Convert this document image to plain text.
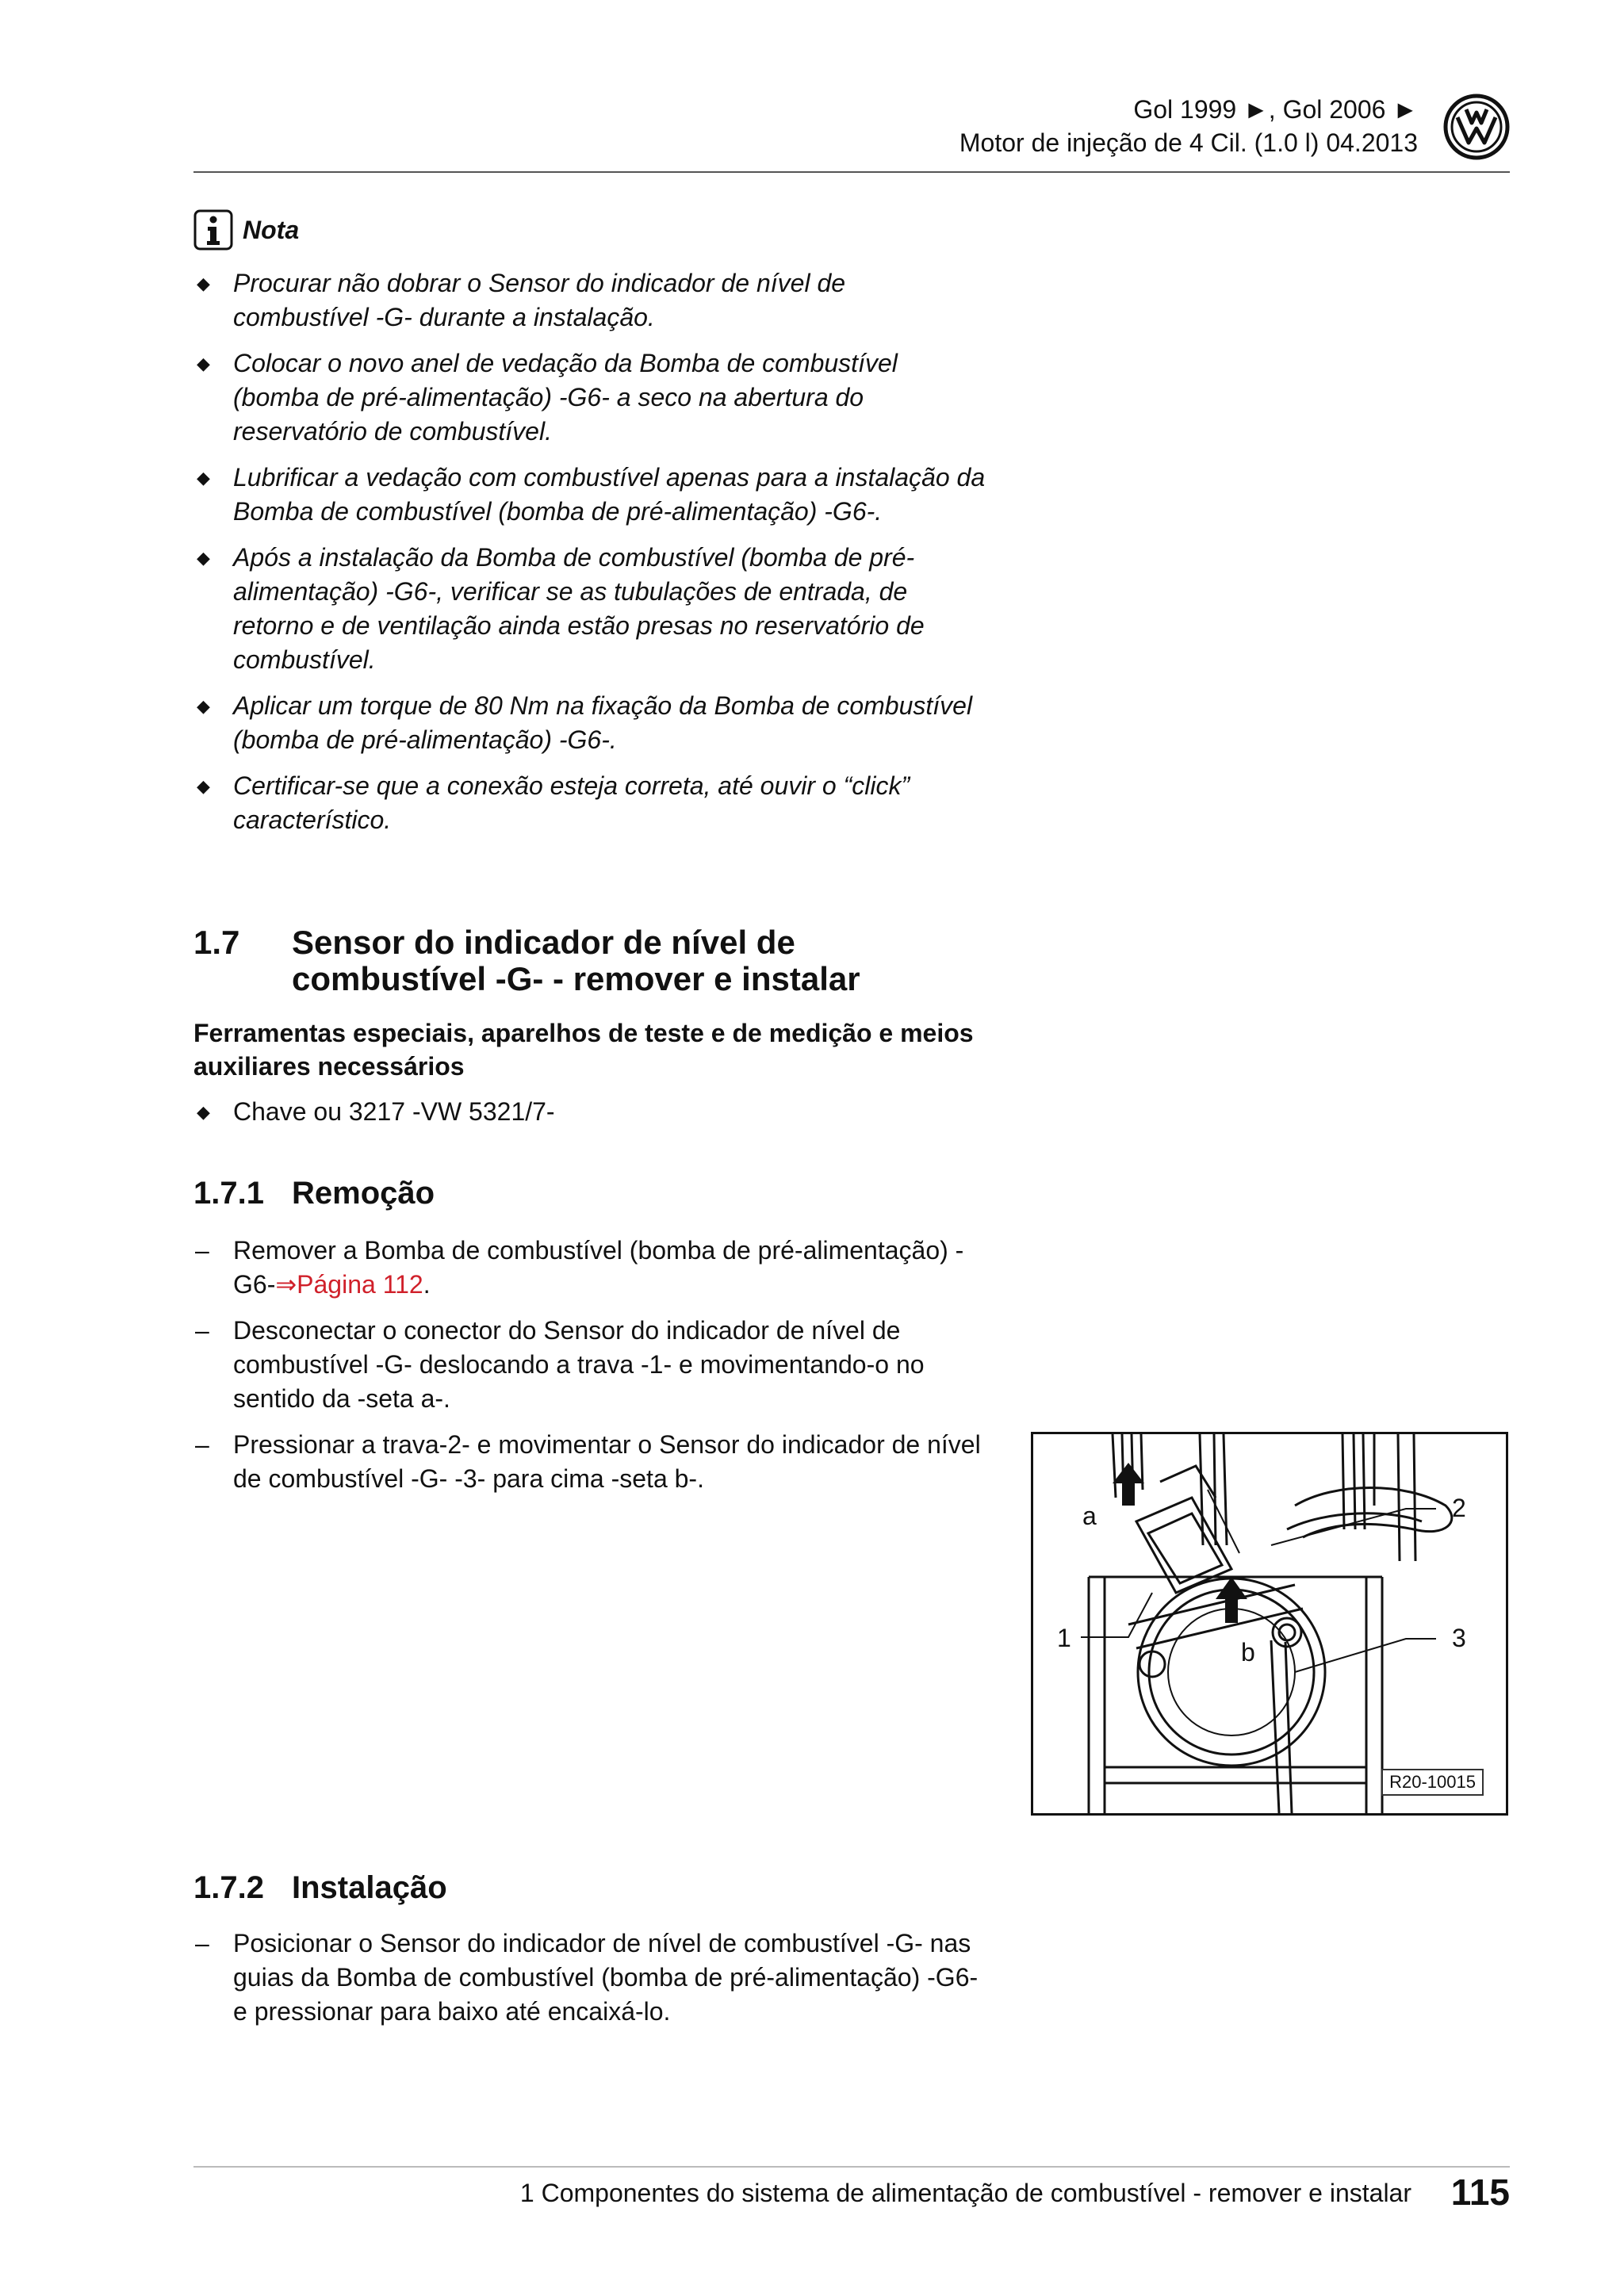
Gol 1999 ►, Gol 2006 ►
Motor de injeção de 4 Cil. (1.0 l) 04.2013
Nota
◆ Procurar não dobrar o Sensor do indicador de nível de combustível -G- durante a instalação.
◆ Colocar o novo anel de vedação da Bomba de combustível (bomba de pré-alimentação) -G6- a seco na abertura do reservatório de combustível.
◆ Lubrificar a vedação com combustível apenas para a instalação da Bomba de combustível (bomba de pré-alimentação) -G6-.
◆ Após a instalação da Bomba de combustível (bomba de pré-alimentação) -G6-, verificar se as tubulações de entrada, de retorno e de ventilação ainda estão presas no reservatório de combustível.
◆ Aplicar um torque de 80 Nm na fixação da Bomba de combustível (bomba de pré-alimentação) -G6-.
◆ Certificar-se que a conexão esteja correta, até ouvir o “click” característico.
1.7 Sensor do indicador de nível de combustível -G- - remover e instalar
Ferramentas especiais, aparelhos de teste e de medição e meios auxiliares necessários
◆ Chave ou 3217 -VW 5321/7-
1.7.1 Remoção
– Remover a Bomba de combustível (bomba de pré-alimentação) -G6-⇒Página 112.
– Desconectar o conector do Sensor do indicador de nível de combustível -G- deslocando a trava -1- e movimentando-o no sentido da -seta a-.
– Pressionar a trava-2- e movimentar o Sensor do indicador de nível de combustível -G- -3- para cima -seta b-.
a
b
1
2
3
R20-10015
1.7.2 Instalação
– Posicionar o Sensor do indicador de nível de combustível -G- nas guias da Bomba de combustível (bomba de pré-alimentação) -G6- e pressionar para baixo até encaixá-lo.
1 Componentes do sistema de alimentação de combustível - remover e instalar 115
